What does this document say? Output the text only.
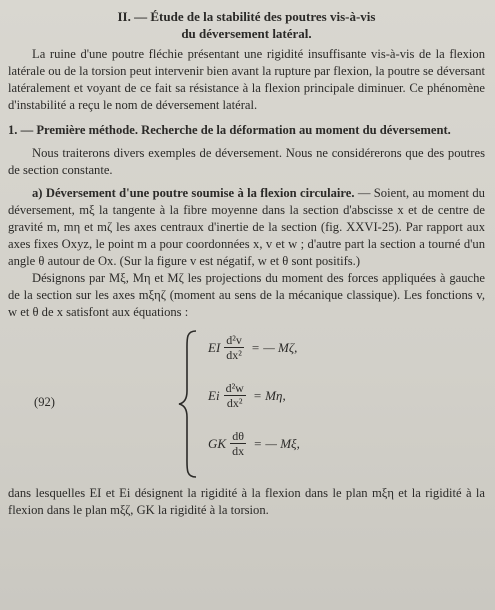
II. — Étude de la stabilité des poutres vis-à-vis
du déversement latéral.

La ruine d'une poutre fléchie présentant une rigidité insuffisante vis-à-vis de la flexion latérale ou de la torsion peut intervenir bien avant la rupture par flexion, la poutre se déversant latéralement et voyant de ce fait sa résistance à la flexion principale diminuer. Ce phénomène d'instabilité a reçu le nom de déversement latéral.

1. — Première méthode. Recherche de la déformation au moment du déversement.

Nous traiterons divers exemples de déversement. Nous ne considérerons que des poutres de section constante.

a) Déversement d'une poutre soumise à la flexion circulaire. — Soient, au moment du déversement, mξ la tangente à la fibre moyenne dans la section d'abscisse x et de centre de gravité m, mη et mζ les axes centraux d'inertie de la section (fig. XXVI-25). Par rapport aux axes fixes Oxyz, le point m a pour coordonnées x, v et w ; d'autre part la section a tourné d'un angle θ autour de Ox. (Sur la figure v est négatif, w et θ sont positifs.)

Désignons par Mξ, Mη et Mζ les projections du moment des forces appliquées à gauche de la section sur les axes mξηζ (moment au sens de la mécanique classique). Les fonctions v, w et θ de x satisfont aux équations :

(92)
EI $\frac{\text{d²v}}{\text{dx²}}$ = — Mζ,
Ei $\frac{\text{d²w}}{\text{dx²}} = M\eta$,
GK $\frac{d\theta}{dx}$ = — Mξ,

dans lesquelles EI et Ei désignent la rigidité à la flexion dans le plan mξη et la rigidité à la flexion dans le plan mξζ, GK la rigidité à la torsion.
